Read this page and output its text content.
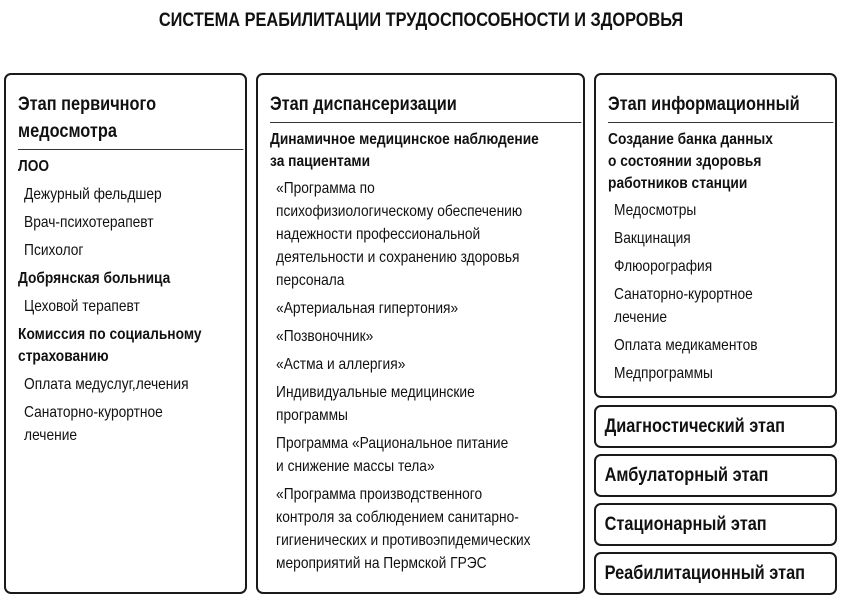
СИСТЕМА РЕАБИЛИТАЦИИ ТРУДОСПОСОБНОСТИ И ЗДОРОВЬЯ
Этап первичного
медосмотра
ЛОО
Дежурный фельдшер
Врач-психотерапевт
Психолог
Добрянская больница
Цеховой терапевт
Комиссия по социальному
страхованию
Оплата медуслуг,лечения
Санаторно-курортное
лечение
Этап диспансеризации
Динамичное медицинское наблюдение
за пациентами
«Программа по
психофизиологическому обеспечению
надежности профессиональной
деятельности и сохранению здоровья
персонала
«Артериальная гипертония»
«Позвоночник»
«Астма и аллергия»
Индивидуальные медицинские
программы
Программа «Рациональное питание
и снижение массы тела»
«Программа производственного
контроля за соблюдением санитарно-
гигиенических и противоэпидемических
мероприятий на Пермской ГРЭС
Этап информационный
Создание банка данных
о состоянии здоровья
работников станции
Медосмотры
Вакцинация
Флюорография
Санаторно-курортное
лечение
Оплата медикаментов
Медпрограммы
Диагностический этап
Амбулаторный этап
Стационарный этап
Реабилитационный этап
